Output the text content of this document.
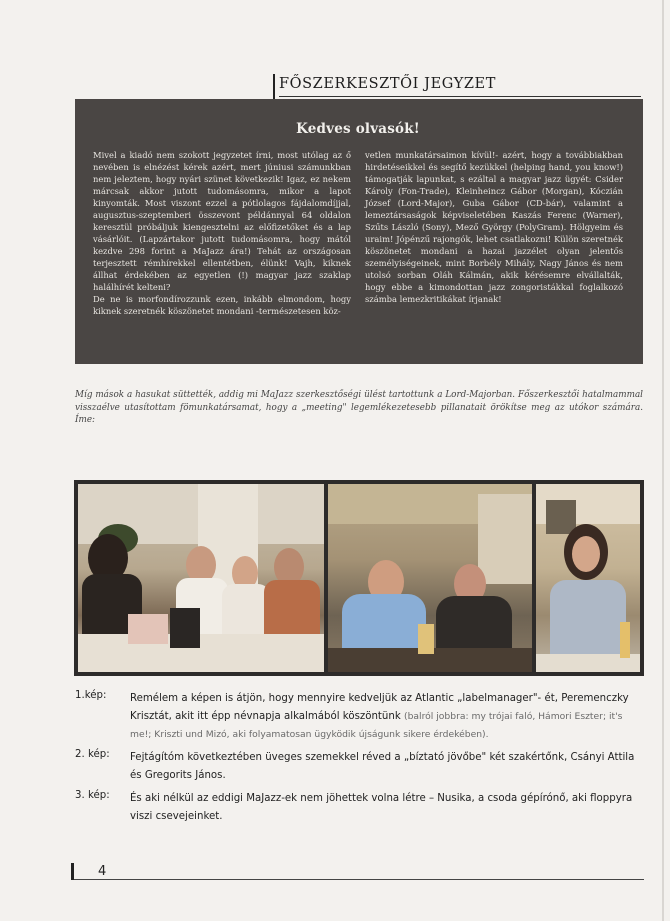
FŐSZERKESZTŐI JEGYZET
Kedves olvasók!

Mivel a kiadó nem szokott jegyzetet írni, most utólag az ő nevében is elnézést kérek azért, mert júniusi számunkban nem jeleztem, hogy nyári szünet következik! Igaz, ez nekem márcsak akkor jutott tudomásomra, mikor a lapot kinyomták. Most viszont ezzel a pótlolagos fájdalomdíjjal, augusztus-szeptemberi összevont példánnyal 64 oldalon keresztül próbáljuk kiengesztelni az előfizetőket és a lap vásárlóit. (Lapzártakor jutott tudomásomra, hogy mától kezdve 298 forint a MaJazz ára!) Tehát az országosan terjesztett rémhírekkel ellentétben, élünk! Vajh, kiknek állhat érdekében az egyetlen (!) magyar jazz szaklap halálhírét kelteni?

De ne is morfondírozzunk ezen, inkább elmondom, hogy kiknek szeretnék köszönetet mondani -természetesen köz-

vetlen munkatársaimon kívül!- azért, hogy a továbbiakban hirdetéseikkel és segítő kezükkel (helping hand, you know!) támogatják lapunkat, s ezáltal a magyar jazz ügyét: Csider Károly (Fon-Trade), Kleinheincz Gábor (Morgan), Kóczián József (Lord-Major), Guba Gábor (CD-bár), valamint a lemeztársaságok képviseletében Kaszás Ferenc (Warner), Szűts László (Sony), Mező György (PolyGram). Hölgyeim és uraim! Jópénzű rajongók, lehet csatlakozni! Külön szeretnék köszönetet mondani a hazai jazzélet olyan jelentős személyiségeinek, mint Borbély Mihály, Nagy János és nem utolsó sorban Oláh Kálmán, akik kérésemre elvállalták, hogy ebbe a kimondottan jazz zongoristákkal foglalkozó számba lemezkritikákat írjanak!

Míg mások a hasukat süttették, addig mi MaJazz szerkesztőségi ülést tartottunk a Lord-Majorban. Főszerkesztői hatalmammal visszaélve utasítottam fömunkatársamat, hogy a „meeting" legemlékezetesebb pillanatait örökítse meg az utókor számára. Íme:
1.kép:	Remélem a képen is átjön, hogy mennyire kedveljük az Atlantic „labelmanager"- ét, Peremenczky Krisztát, akit itt épp névnapja alkalmából köszöntünk (balról jobbra: my trójai faló, Hámori Eszter; it's me!; Kriszti und Mizó, aki folyamatosan ügyködik újságunk sikere érdekében).
2. kép:	Fejtágítóm következtében üveges szemekkel réved a „bíztató jövőbe" két szakértőnk, Csányi Attila és Gregorits János.
3. kép:	És aki nélkül az eddigi MaJazz-ek nem jöhettek volna létre – Nusika, a csoda gépírónő, aki floppyra viszi csevejeinket.
4
